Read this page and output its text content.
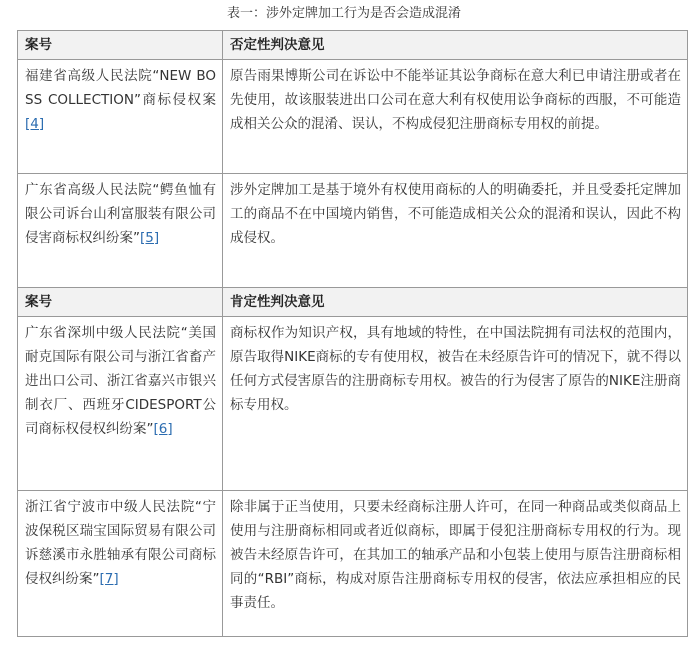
表一：涉外定牌加工行为是否会造成混淆
案号	否定性判决意见
福建省高级人民法院“NEW BOSS COLLECTION”商标侵权案[4]	原告雨果博斯公司在诉讼中不能举证其讼争商标在意大利已申请注册或者在先使用，故该服装进出口公司在意大利有权使用讼争商标的西服，不可能造成相关公众的混淆、误认，不构成侵犯注册商标专用权的前提。
广东省高级人民法院“鳄鱼恤有限公司诉台山利富服装有限公司侵害商标权纠纷案”[5]	涉外定牌加工是基于境外有权使用商标的人的明确委托，并且受委托定牌加工的商品不在中国境内销售，不可能造成相关公众的混淆和误认，因此不构成侵权。
案号	肯定性判决意见
广东省深圳中级人民法院“美国耐克国际有限公司与浙江省畜产进出口公司、浙江省嘉兴市银兴制衣厂、西班牙CIDESPORT公司商标权侵权纠纷案”[6]	商标权作为知识产权，具有地域的特性，在中国法院拥有司法权的范围内，原告取得NIKE商标的专有使用权，被告在未经原告许可的情况下，就不得以任何方式侵害原告的注册商标专用权。被告的行为侵害了原告的NIKE注册商标专用权。
浙江省宁波市中级人民法院“宁波保税区瑞宝国际贸易有限公司诉慈溪市永胜轴承有限公司商标侵权纠纷案”[7]	除非属于正当使用，只要未经商标注册人许可，在同一种商品或类似商品上使用与注册商标相同或者近似商标，即属于侵犯注册商标专用权的行为。现被告未经原告许可，在其加工的轴承产品和小包装上使用与原告注册商标相同的“RBI”商标，构成对原告注册商标专用权的侵害，依法应承担相应的民事责任。
